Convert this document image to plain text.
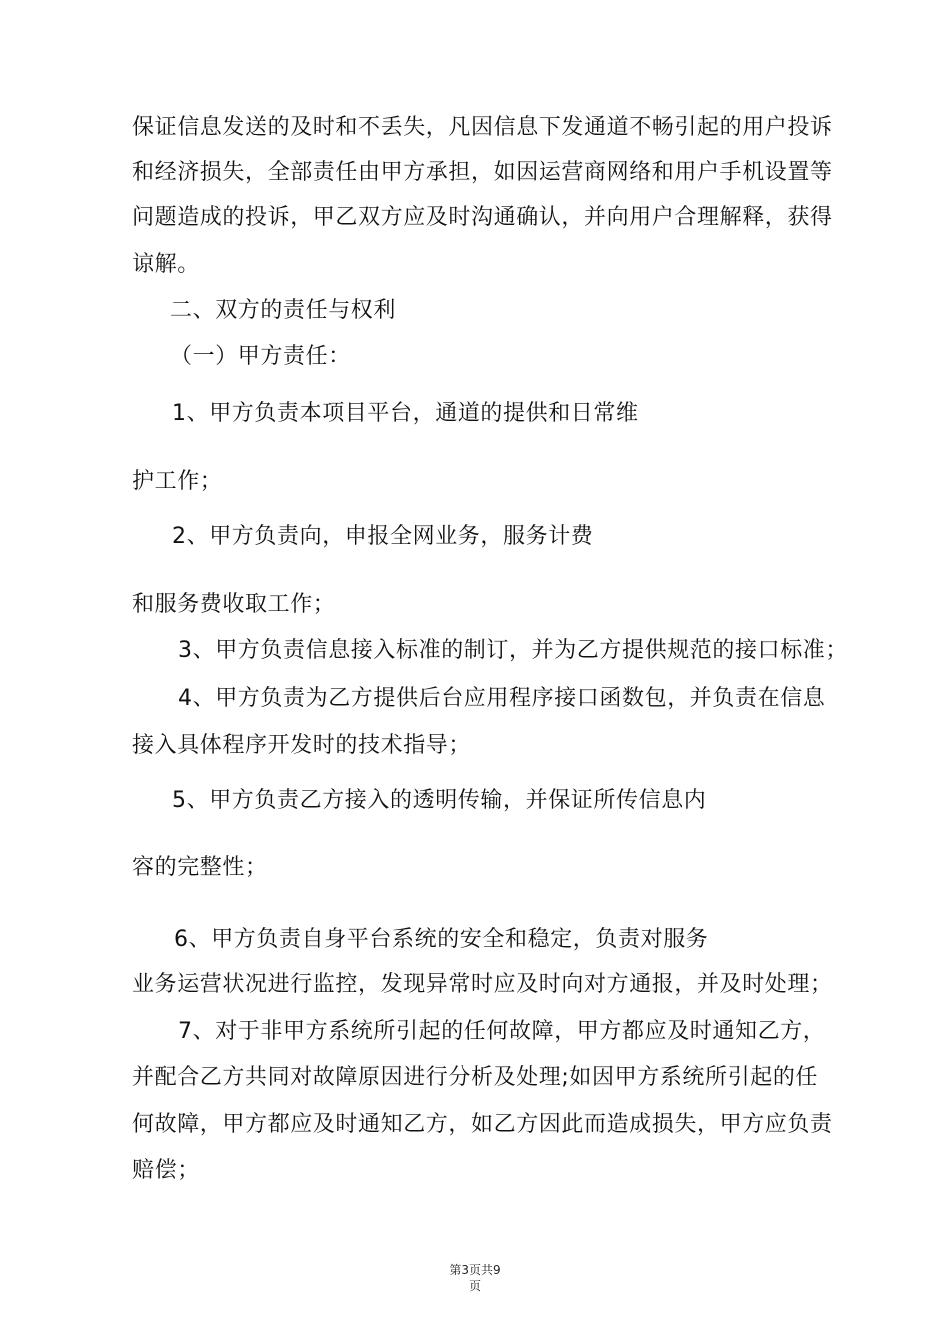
保证信息发送的及时和不丢失，凡因信息下发通道不畅引起的用户投诉
和经济损失，全部责任由甲方承担，如因运营商网络和用户手机设置等
问题造成的投诉，甲乙双方应及时沟通确认，并向用户合理解释，获得
谅解。
二、双方的责任与权利
（一）甲方责任：
1、甲方负责本项目平台，通道的提供和日常维
护工作；
2、甲方负责向，申报全网业务，服务计费
和服务费收取工作；
3、甲方负责信息接入标准的制订，并为乙方提供规范的接口标准；
4、甲方负责为乙方提供后台应用程序接口函数包，并负责在信息
接入具体程序开发时的技术指导；
5、甲方负责乙方接入的透明传输，并保证所传信息内
容的完整性；
6、甲方负责自身平台系统的安全和稳定，负责对服务
业务运营状况进行监控，发现异常时应及时向对方通报，并及时处理；
7、对于非甲方系统所引起的任何故障，甲方都应及时通知乙方，
并配合乙方共同对故障原因进行分析及处理;如因甲方系统所引起的任
何故障，甲方都应及时通知乙方，如乙方因此而造成损失，甲方应负责
赔偿；
第3页共9
页
